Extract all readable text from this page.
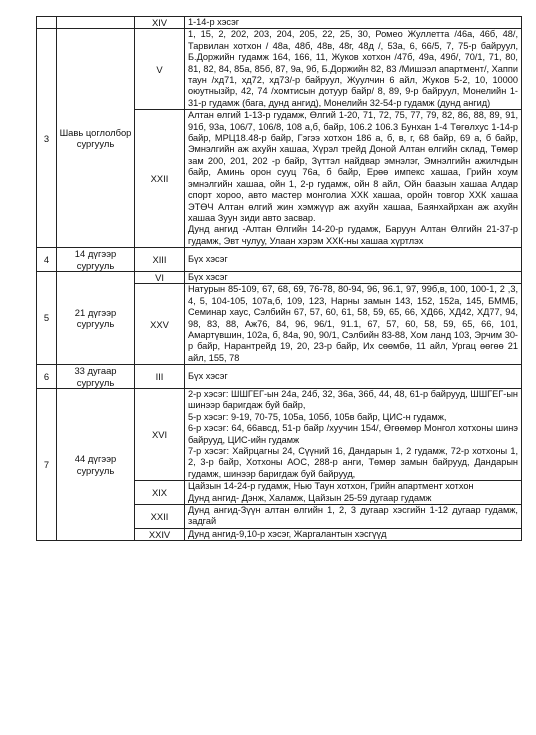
		XIV	1-14-р хэсэг
3	Шавь цоглолбор сургууль	V	1, 15, 2, 202, 203, 204, 205, 22, 25, 30, Ромео Жуллетта /46а, 46б, 48/, Тарвилан хотхон / 48а, 48б, 48в, 48г, 48д /, 53а, 6, 66/5, 7, 75-р байруул, Б.Доржийн гудамж 164, 166, 11, Жуков хотхон /47б, 49а, 49б/, 70/1, 71, 80, 81, 82, 84, 85а, 85б, 87, 9а, 9б, Б.Доржийн 82, 83 /Мишээл апартмент/, Хаппи таун /хд71, хд72, хд73/-р байруул, Жуулчин 6 айл, Жуков 5-2, 10, 10000 оюутнызйр, 42, 74 /хомтисын дотуур байр/ 8, 89, 9-р байруул, Монелийн 1-31-р гудамж (бага, дунд ангид), Монелийн 32-54-р гудамж (дунд ангид)
		XXII	Алтан өлгий 1-13-р гудамж, Өлгий 1-20, 71, 72, 75, 77, 79, 82, 86, 88, 89, 91, 91б, 93а, 106/7, 106/8, 108 а,б, байр, 106.2 106.3 Бунхан 1-4 Төгөлхус 1-14-р байр, МРЦ18.48-р байр, Гэгээ хотхон 186 а, б, в, г, 68 байр, 69 а, б байр, Эмнэлгийн аж ахуйн хашаа, Хүрэл трейд Доной Алтан өлгийн склад, Төмөр зам 200, 201, 202 -р байр, Зүттэл найдвар эмнэлэг, Эмнэлгийн ажилчдын байр, Аминь орон сууц 76а, б байр, Ерөө импекс хашаа, Грийн хоум эмнэлгийн хашаа, ойн 1, 2-р гудамж, ойн 8 айл, Ойн баазын хашаа Алдар спорт хороо, авто мастер монголиа ХХК хашаа, оройн товгор ХХК хашаа ЭТӨЧ Алтан өлгий жин хэмжүүр аж ахуйн хашаа, Баянхайрхан аж ахуйн хашаа Зуун зиди авто засвар.
Дунд ангид -Алтан Өлгийн 14-20-р гудамж, Баруун Алтан Өлгийн 21-37-р гудамж, Эвт чулуу, Улаан хэрэм ХХК-ны хашаа хүртлэх
4	14 дүгээр сургууль	XIII	Бүх хэсэг
5	21 дүгээр сургууль	VI	Бүх хэсэг
		XXV	Натурын 85-109, 67, 68, 69, 76-78, 80-94, 96, 96.1, 97, 99б,в, 100, 100-1, 2 ,3, 4, 5, 104-105, 107а,б, 109, 123, Нарны замын 143, 152, 152а, 145, БММБ, Семинар хаус, Сэлбийн 67, 57, 60, 61, 58, 59, 65, 66, ХД66, ХД42, ХД77, 94, 98, 83, 88, Аж76, 84, 96, 96/1, 91.1, 67, 57, 60, 58, 59, 65, 66, 101, Амартүвшин, 102а, б, 84а, 90, 90/1, Сэлбийн 83-88, Хом ланд 103, Эрчим 30-р байр, Нарантрейд 19, 20, 23-р байр, Их сөөмбө, 11 айл, Ургац өөгөө 21 айл, 155, 78
6	33 дугаар сургууль	III	Бүх хэсэг
7	44 дүгээр сургууль	XVI	2-р хэсэг: ШШГЕГ-ын 24а, 24б, 32, 36а, 36б, 44, 48, 61-р байрууд, ШШГЕГ-ын шинээр баригдаж буй байр,
5-р хэсэг: 9-19, 70-75, 105а, 105б, 105в байр, ЦИС-н гудамж,
6-р хэсэг: 64, 66авсд, 51-р байр /хуучин 154/, Өгөөмөр Монгол хотхоны шинэ байрууд, ЦИС-ийн гудамж
7-р хэсэг: Хайрцагны 24, Сүүний 16, Дандарын 1, 2 гудамж, 72-р хотхоны 1, 2, 3-р байр, Хотхоны АОС, 288-р анги, Төмөр замын байрууд, Дандарын гудамж, шинээр баригдаж буй байрууд,
		XIX	Цайзын 14-24-р гудамж, Нью Таун хотхон, Грийн апартмент хотхон
Дунд ангид- Дэнж, Халамж, Цайзын 25-59 дугаар гудамж
		XXII	Дунд ангид-Зүүн алтан өлгийн 1, 2, 3 дугаар хэсгийн 1-12 дугаар гудамж, задгай
		XXIV	Дунд ангид-9,10-р хэсэг, Жаргалантын хэсгүүд
